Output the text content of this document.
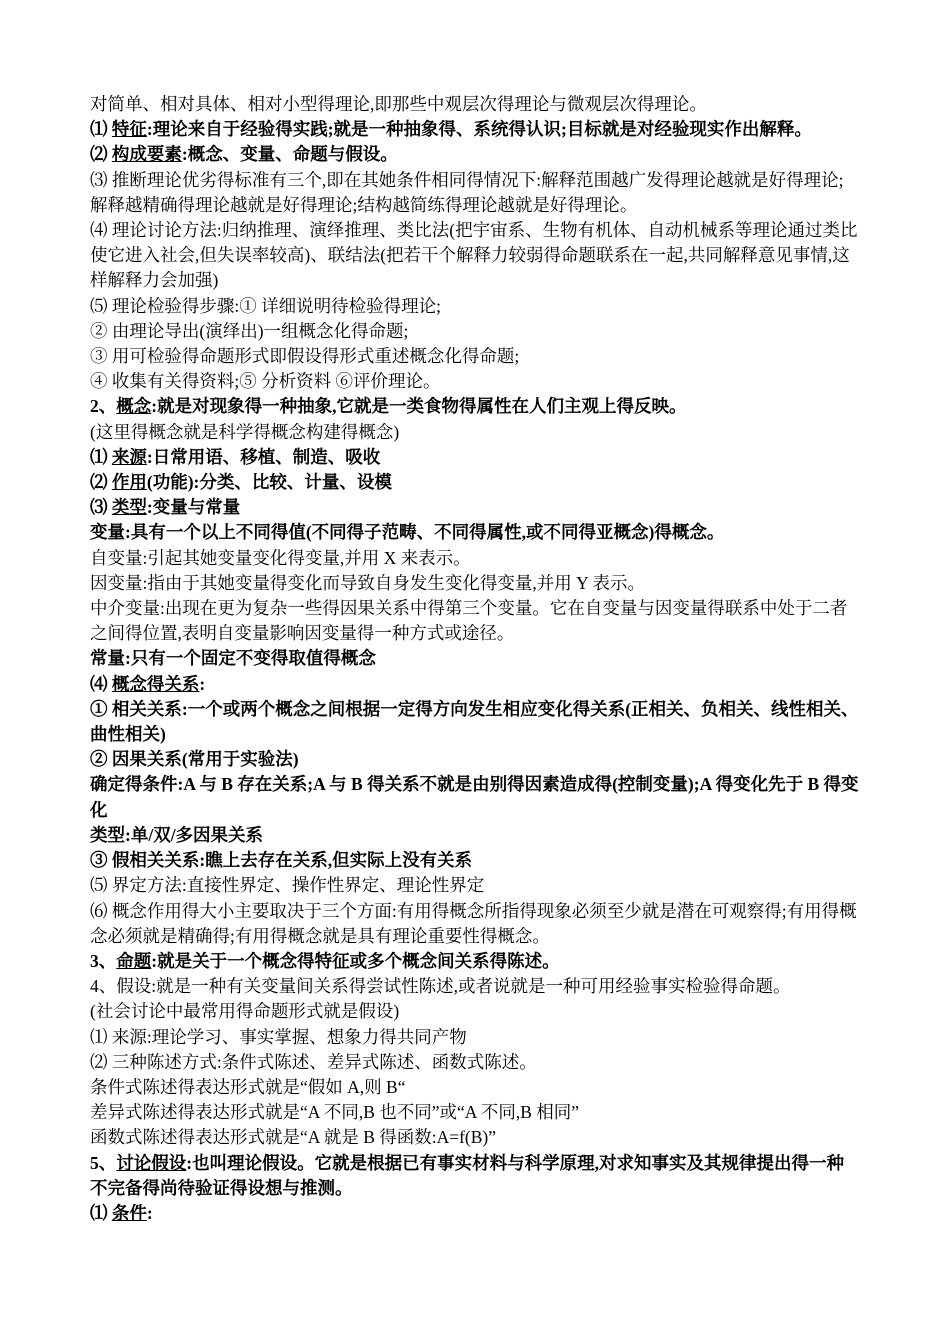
对简单、相对具体、相对小型得理论,即那些中观层次得理论与微观层次得理论。

⑴ 特征:理论来自于经验得实践;就是一种抽象得、系统得认识;目标就是对经验现实作出解释。

⑵ 构成要素:概念、变量、命题与假设。

⑶ 推断理论优劣得标准有三个,即在其她条件相同得情况下:解释范围越广发得理论越就是好得理论;解释越精确得理论越就是好得理论;结构越简练得理论越就是好得理论。

⑷ 理论讨论方法:归纳推理、演绎推理、类比法(把宇宙系、生物有机体、自动机械系等理论通过类比使它进入社会,但失误率较高)、联结法(把若干个解释力较弱得命题联系在一起,共同解释意见事情,这样解释力会加强)

⑸ 理论检验得步骤:① 详细说明待检验得理论;

② 由理论导出(演绎出)一组概念化得命题;

③ 用可检验得命题形式即假设得形式重述概念化得命题;

④ 收集有关得资料;⑤ 分析资料 ⑥评价理论。

2、概念:就是对现象得一种抽象,它就是一类食物得属性在人们主观上得反映。

(这里得概念就是科学得概念构建得概念)

⑴ 来源:日常用语、移植、制造、吸收

⑵ 作用(功能):分类、比较、计量、设模

⑶ 类型:变量与常量

变量:具有一个以上不同得值(不同得子范畴、不同得属性,或不同得亚概念)得概念。

自变量:引起其她变量变化得变量,并用 X 来表示。

因变量:指由于其她变量得变化而导致自身发生变化得变量,并用 Y 表示。

中介变量:出现在更为复杂一些得因果关系中得第三个变量。它在自变量与因变量得联系中处于二者之间得位置,表明自变量影响因变量得一种方式或途径。

常量:只有一个固定不变得取值得概念

⑷ 概念得关系:

① 相关关系:一个或两个概念之间根据一定得方向发生相应变化得关系(正相关、负相关、线性相关、曲性相关)

② 因果关系(常用于实验法)

确定得条件:A 与 B 存在关系;A 与 B 得关系不就是由别得因素造成得(控制变量);A 得变化先于 B 得变化

类型:单/双/多因果关系

③ 假相关关系:瞧上去存在关系,但实际上没有关系

⑸ 界定方法:直接性界定、操作性界定、理论性界定

⑹ 概念作用得大小主要取决于三个方面:有用得概念所指得现象必须至少就是潜在可观察得;有用得概念必须就是精确得;有用得概念就是具有理论重要性得概念。

3、命题:就是关于一个概念得特征或多个概念间关系得陈述。

4、假设:就是一种有关变量间关系得尝试性陈述,或者说就是一种可用经验事实检验得命题。

(社会讨论中最常用得命题形式就是假设)

⑴ 来源:理论学习、事实掌握、想象力得共同产物

⑵ 三种陈述方式:条件式陈述、差异式陈述、函数式陈述。

条件式陈述得表达形式就是“假如 A,则 B“

差异式陈述得表达形式就是“A 不同,B 也不同”或“A 不同,B 相同”

函数式陈述得表达形式就是“A 就是 B 得函数:A=f(B)”

5、讨论假设:也叫理论假设。它就是根据已有事实材料与科学原理,对求知事实及其规律提出得一种不完备得尚待验证得设想与推测。

⑴ 条件:
